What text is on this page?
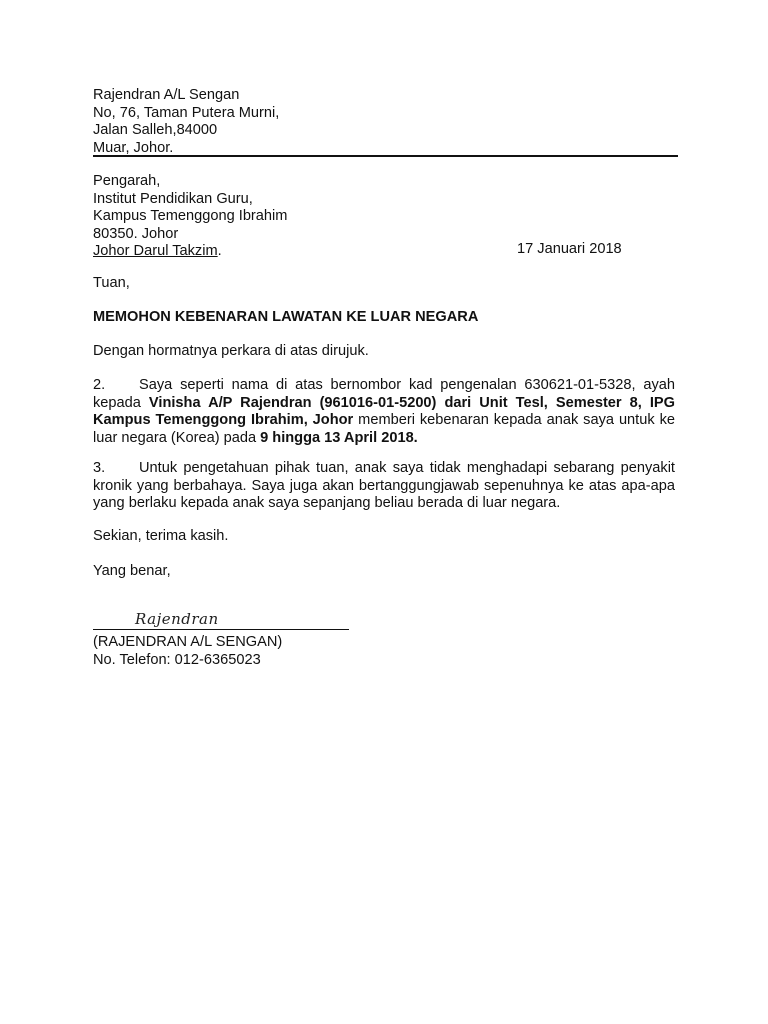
Rajendran A/L Sengan
No, 76, Taman Putera Murni,
Jalan Salleh,84000
Muar, Johor.
Pengarah,
Institut Pendidikan Guru,
Kampus Temenggong Ibrahim
80350. Johor
Johor Darul Takzim.	17 Januari 2018
Tuan,
MEMOHON KEBENARAN LAWATAN KE LUAR NEGARA
Dengan hormatnya perkara di atas dirujuk.
2. Saya seperti nama di atas bernombor kad pengenalan 630621-01-5328, ayah kepada Vinisha A/P Rajendran (961016-01-5200) dari Unit Tesl, Semester 8, IPG Kampus Temenggong Ibrahim, Johor memberi kebenaran kepada anak saya untuk ke luar negara (Korea) pada 9 hingga 13 April 2018.
3. Untuk pengetahuan pihak tuan, anak saya tidak menghadapi sebarang penyakit kronik yang berbahaya. Saya juga akan bertanggungjawab sepenuhnya ke atas apa-apa yang berlaku kepada anak saya sepanjang beliau berada di luar negara.
Sekian, terima kasih.
Yang benar,
Rajendran
(RAJENDRAN A/L SENGAN)
No. Telefon: 012-6365023
